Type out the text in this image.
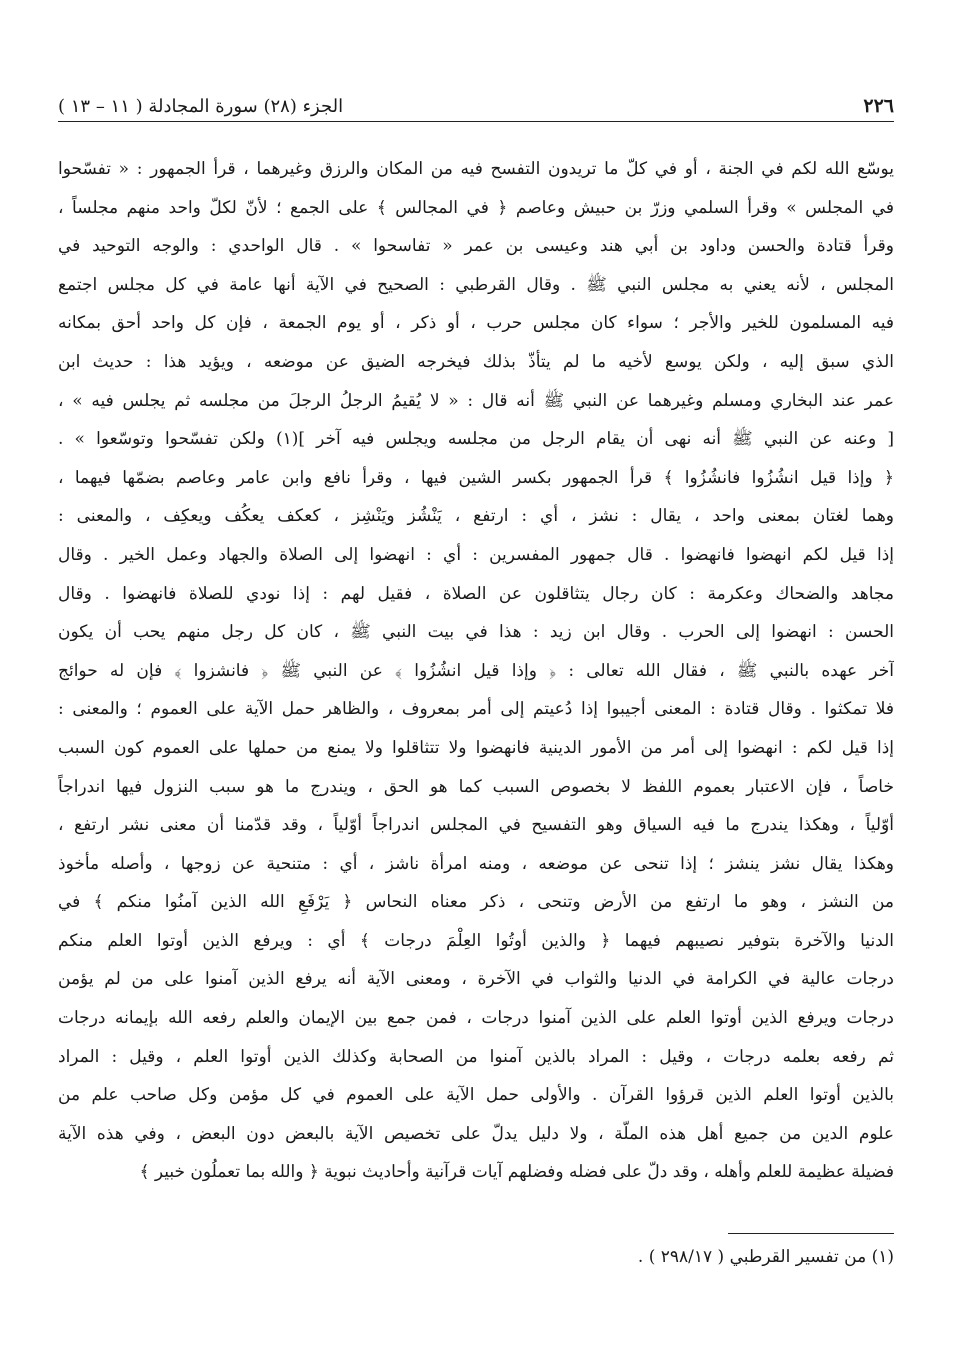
٢٢٦
الجزء (٢٨) سورة المجادلة ( ١١ – ١٣ )
يوسّع الله لكم في الجنة ، أو في كلّ ما تريدون التفسح فيه من المكان والرزق وغيرهما ، قرأ الجمهور : « تفسّحوا
في المجلس » وقرأ السلمي وزرّ بن حبيش وعاصم ﴿ في المجالس ﴾ على الجمع ؛ لأنّ لكلّ واحد منهم مجلساً ،
وقرأ قتادة والحسن وداود بن أبي هند وعيسى بن عمر « تفاسحوا » . قال الواحدي : والوجه التوحيد في
المجلس ، لأنه يعني به مجلس النبي ﷺ . وقال القرطبي : الصحيح في الآية أنها عامة في كل مجلس اجتمع
فيه المسلمون للخير والأجر ؛ سواء كان مجلس حرب ، أو ذكر ، أو يوم الجمعة ، فإن كل واحد أحق بمكانه
الذي سبق إليه ، ولكن يوسع لأخيه ما لم يتأذّ بذلك فيخرجه الضيق عن موضعه ، ويؤيد هذا : حديث ابن
عمر عند البخاري ومسلم وغيرهما عن النبي ﷺ أنه قال : « لا يُقيمُ الرجلُ الرجلَ من مجلسه ثم يجلس فيه » ،
[ وعنه عن النبي ﷺ أنه نهى أن يقام الرجل من مجلسه ويجلس فيه آخر ](١) ولكن تفسّحوا وتوسّعوا » .
﴿ وإذا قيل انشُزُوا فانشُزُوا ﴾ قرأ الجمهور بكسر الشين فيها ، وقرأ نافع وابن عامر وعاصم بضمّها فيهما ،
وهما لغتان بمعنى واحد ، يقال : نشز ، أي : ارتفع ، يَنْشُز ويَنْشِز ، كعكف يعكُف ويعكِف ، والمعنى :
إذا قيل لكم انهضوا فانهضوا . قال جمهور المفسرين : أي : انهضوا إلى الصلاة والجهاد وعمل الخير . وقال
مجاهد والضحاك وعكرمة : كان رجال يتثاقلون عن الصلاة ، فقيل لهم : إذا نودي للصلاة فانهضوا . وقال
الحسن : انهضوا إلى الحرب . وقال ابن زيد : هذا في بيت النبي ﷺ ، كان كل رجل منهم يحب أن يكون
آخر عهده بالنبي ﷺ ، فقال الله تعالى : ﴿ وإذا قيل انشُزُوا ﴾ عن النبي ﷺ ﴿ فانشزوا ﴾ فإن له حوائج
فلا تمكثوا . وقال قتادة : المعنى أجيبوا إذا دُعيتم إلى أمر بمعروف ، والظاهر حمل الآية على العموم ؛ والمعنى :
إذا قيل لكم : انهضوا إلى أمر من الأمور الدينية فانهضوا ولا تتثاقلوا ولا يمنع من حملها على العموم كون السبب
خاصاً ، فإن الاعتبار بعموم اللفظ لا بخصوص السبب كما هو الحق ، ويندرج ما هو سبب النزول فيها اندراجاً
أوّلياً ، وهكذا يندرج ما فيه السياق وهو التفسيح في المجلس اندراجاً أوّلياً ، وقد قدّمنا أن معنى نشر ارتفع ،
وهكذا يقال نشز ينشز ؛ إذا تنحى عن موضعه ، ومنه امرأة ناشز ، أي : متنحية عن زوجها ، وأصله مأخوذ
من النشز ، وهو ما ارتفع من الأرض وتنحى ، ذكر معناه النحاس ﴿ يَرْفَعِ الله الذين آمنُوا منكم ﴾ في
الدنيا والآخرة بتوفير نصيبهم فيهما ﴿ والذين أوتُوا العِلْمَ درجات ﴾ أي : ويرفع الذين أوتوا العلم منكم
درجات عالية في الكرامة في الدنيا والثواب في الآخرة ، ومعنى الآية أنه يرفع الذين آمنوا على من لم يؤمن
درجات ويرفع الذين أوتوا العلم على الذين آمنوا درجات ، فمن جمع بين الإيمان والعلم رفعه الله بإيمانه درجات
ثم رفعه بعلمه درجات ، وقيل : المراد بالذين آمنوا من الصحابة وكذلك الذين أوتوا العلم ، وقيل : المراد
بالذين أوتوا العلم الذين قرؤوا القرآن . والأولى حمل الآية على العموم في كل مؤمن وكل صاحب علم من
علوم الدين من جميع أهل هذه الملّة ، ولا دليل يدلّ على تخصيص الآية بالبعض دون البعض ، وفي هذه الآية
فضيلة عظيمة للعلم وأهله ، وقد دلّ على فضله وفضلهم آيات قرآنية وأحاديث نبوية ﴿ والله بما تعملُون خبير ﴾
(١) من تفسير القرطبي ( ٢٩٨/١٧ ) .
